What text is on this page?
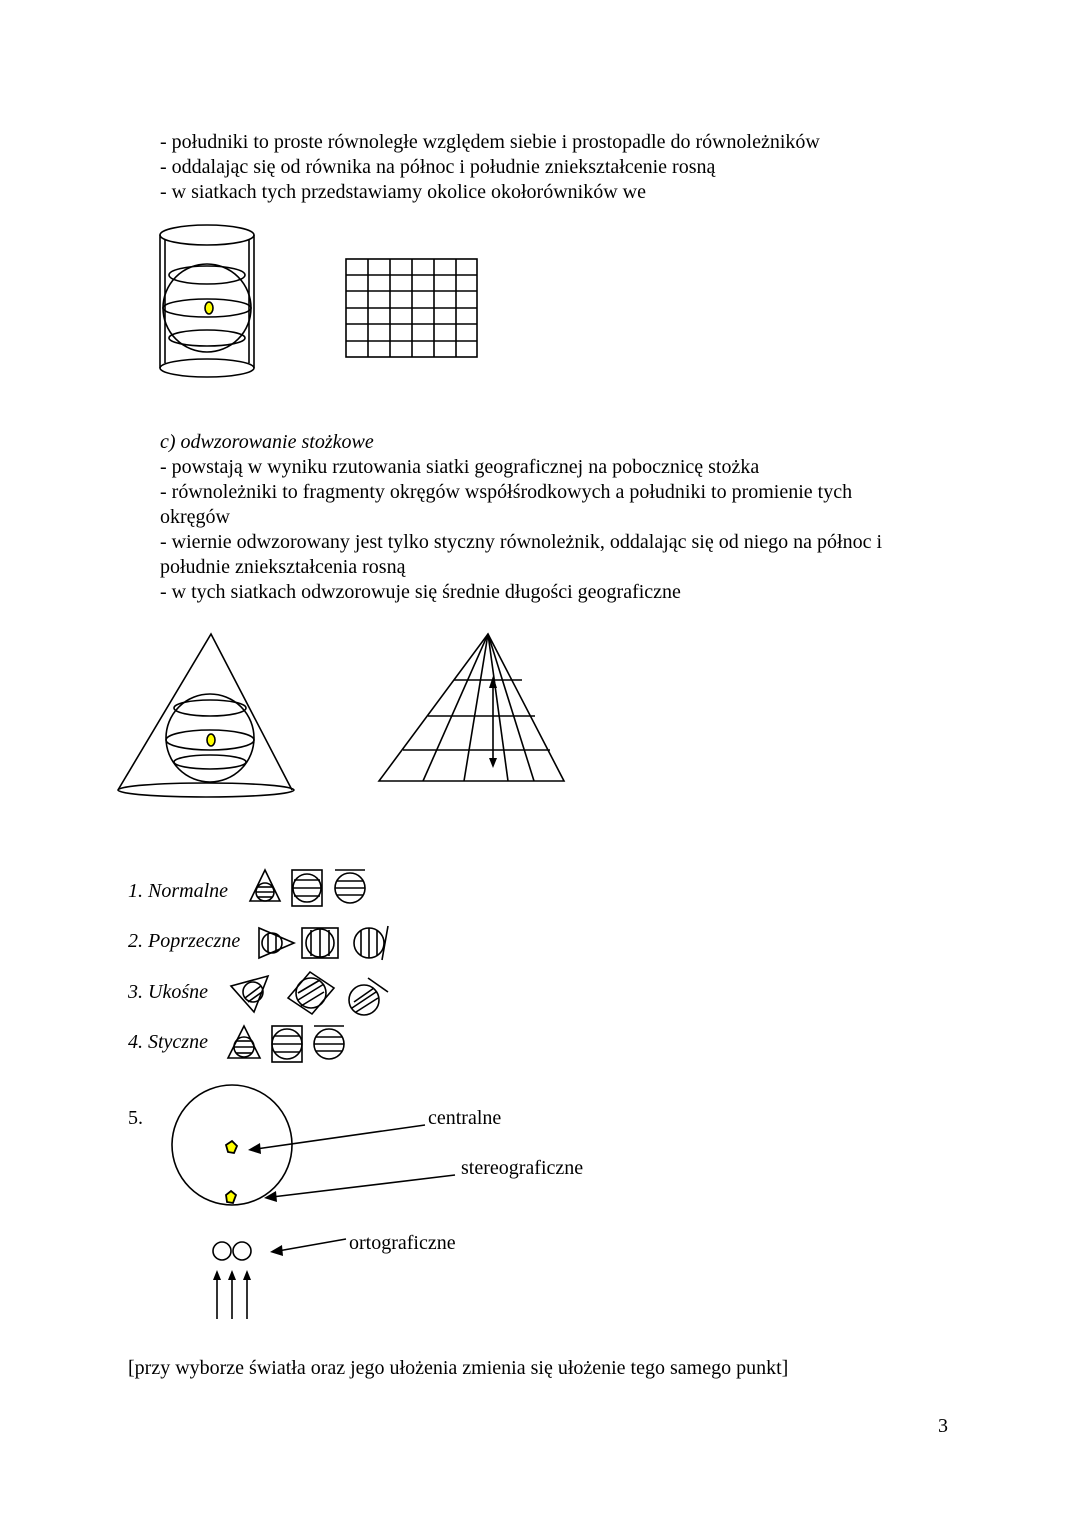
- południki to proste równoległe względem siebie i prostopadle do równoleżników
- oddalając się od równika na północ i południe zniekształcenie rosną
- w siatkach tych przedstawiamy okolice okołorówników we
c) odwzorowanie stożkowe
- powstają w wyniku rzutowania siatki geograficznej na pobocznicę stożka
- równoleżniki to fragmenty okręgów współśrodkowych a południki to promienie tych
okręgów
- wiernie odwzorowany jest tylko styczny równoleżnik, oddalając się od niego na północ i
południe zniekształcenia rosną
- w tych siatkach odwzorowuje się średnie długości geograficzne
1. Normalne
2. Poprzeczne
3. Ukośne
4. Styczne
5.	centralne
stereograficzne
ortograficzne
[przy wyborze światła oraz jego ułożenia zmienia się ułożenie tego samego punkt]
3
